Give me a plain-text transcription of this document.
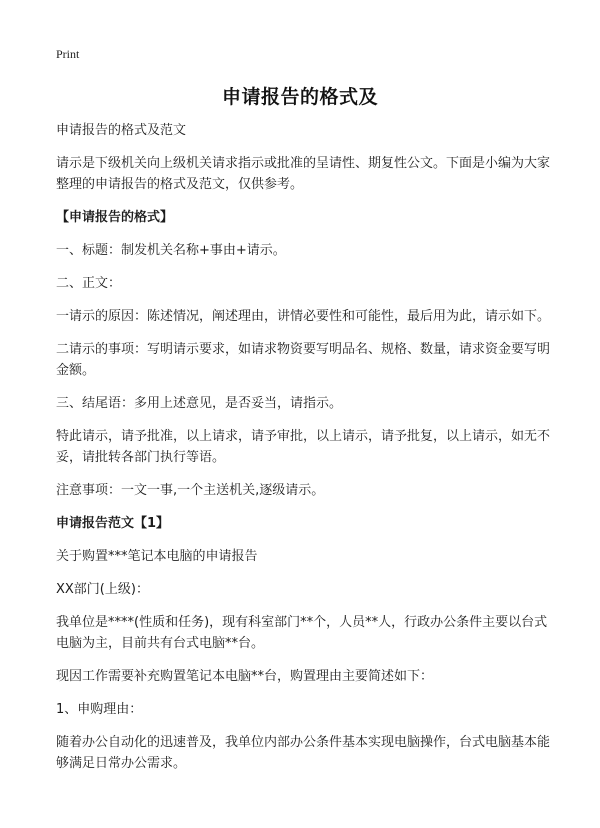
Print
申请报告的格式及

申请报告的格式及范文

请示是下级机关向上级机关请求指示或批准的呈请性、期复性公文。下面是小编为大家整理的申请报告的格式及范文，仅供参考。

【申请报告的格式】

一、标题：制发机关名称+事由+请示。

二、正文：

一请示的原因：陈述情况，阐述理由，讲情必要性和可能性，最后用为此，请示如下。

二请示的事项：写明请示要求，如请求物资要写明品名、规格、数量，请求资金要写明金额。

三、结尾语：多用上述意见，是否妥当，请指示。

特此请示，请予批准，以上请求，请予审批，以上请示，请予批复，以上请示，如无不妥，请批转各部门执行等语。

注意事项：一文一事,一个主送机关,逐级请示。

申请报告范文【1】

关于购置***笔记本电脑的申请报告

XX部门(上级)：

我单位是****(性质和任务)，现有科室部门**个，人员**人，行政办公条件主要以台式电脑为主，目前共有台式电脑**台。

现因工作需要补充购置笔记本电脑**台，购置理由主要简述如下：

1、申购理由：

随着办公自动化的迅速普及，我单位内部办公条件基本实现电脑操作，台式电脑基本能够满足日常办公需求。
